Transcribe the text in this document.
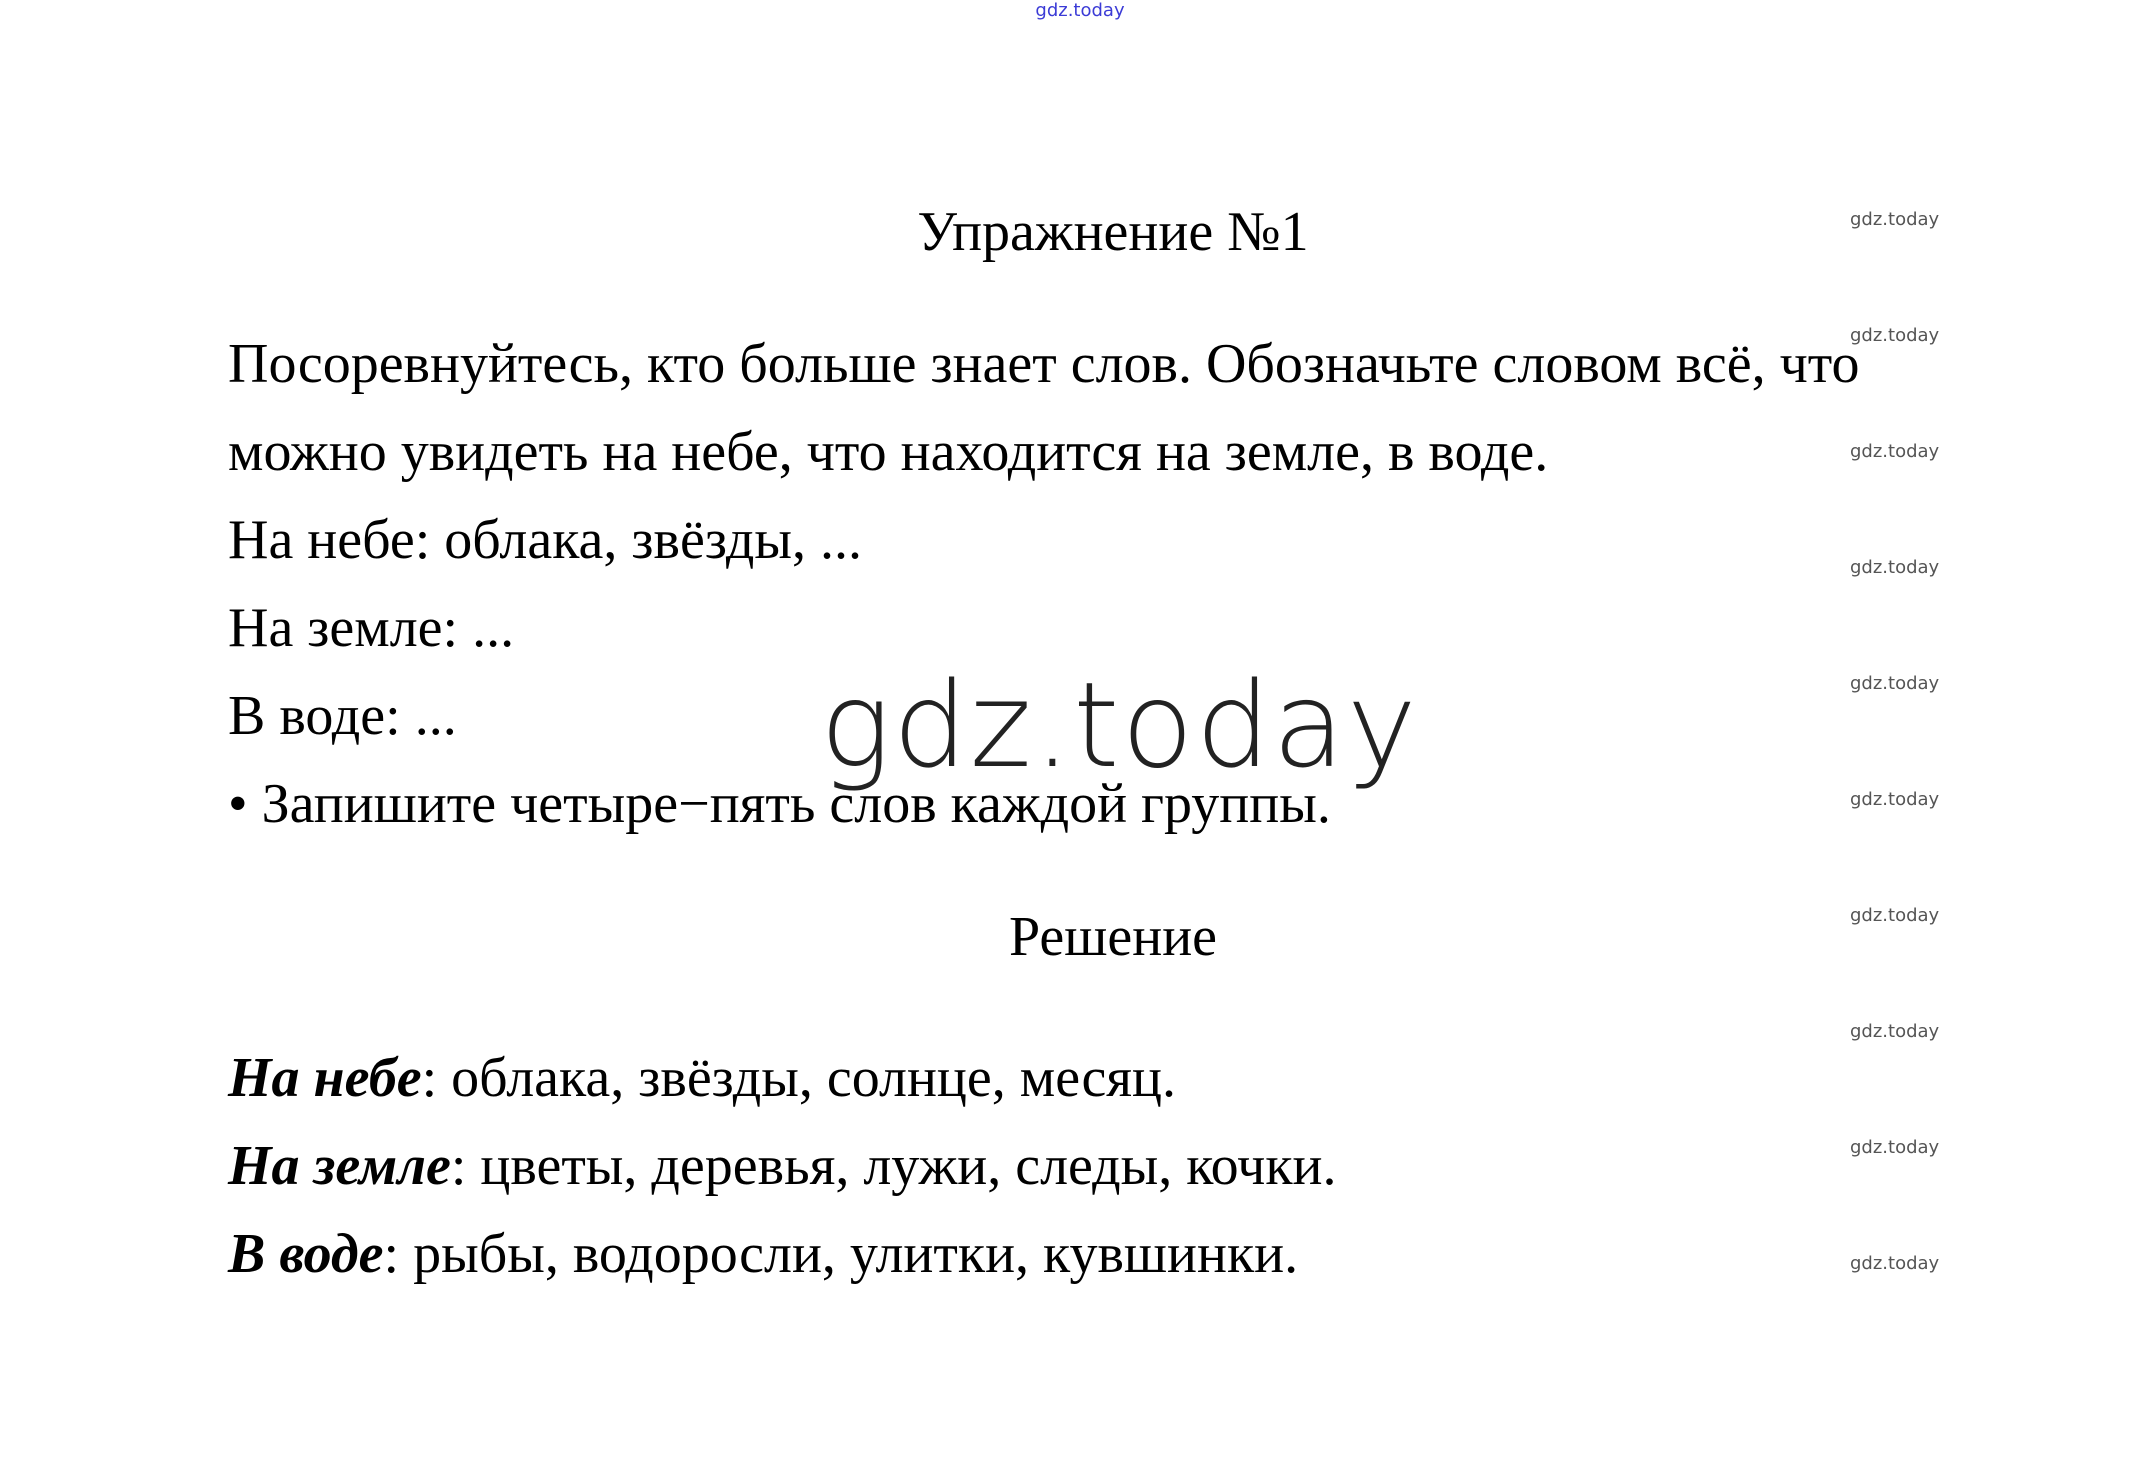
gdz.today
gdz.today
gdz.today
gdz.today
gdz.today
gdz.today
gdz.today
gdz.today
gdz.today
gdz.today
gdz.today
Упражнение №1
Посоревнуйтесь, кто больше знает слов. Обозначьте словом всё, что
можно увидеть на небе, что находится на земле, в воде.
На небе: облака, звёзды, ...
На земле: ...
В воде: ...
• Запишите четыре−пять слов каждой группы.
gdz.today
Решение
На небе: облака, звёзды, солнце, месяц.
На земле: цветы, деревья, лужи, следы, кочки.
В воде: рыбы, водоросли, улитки, кувшинки.
